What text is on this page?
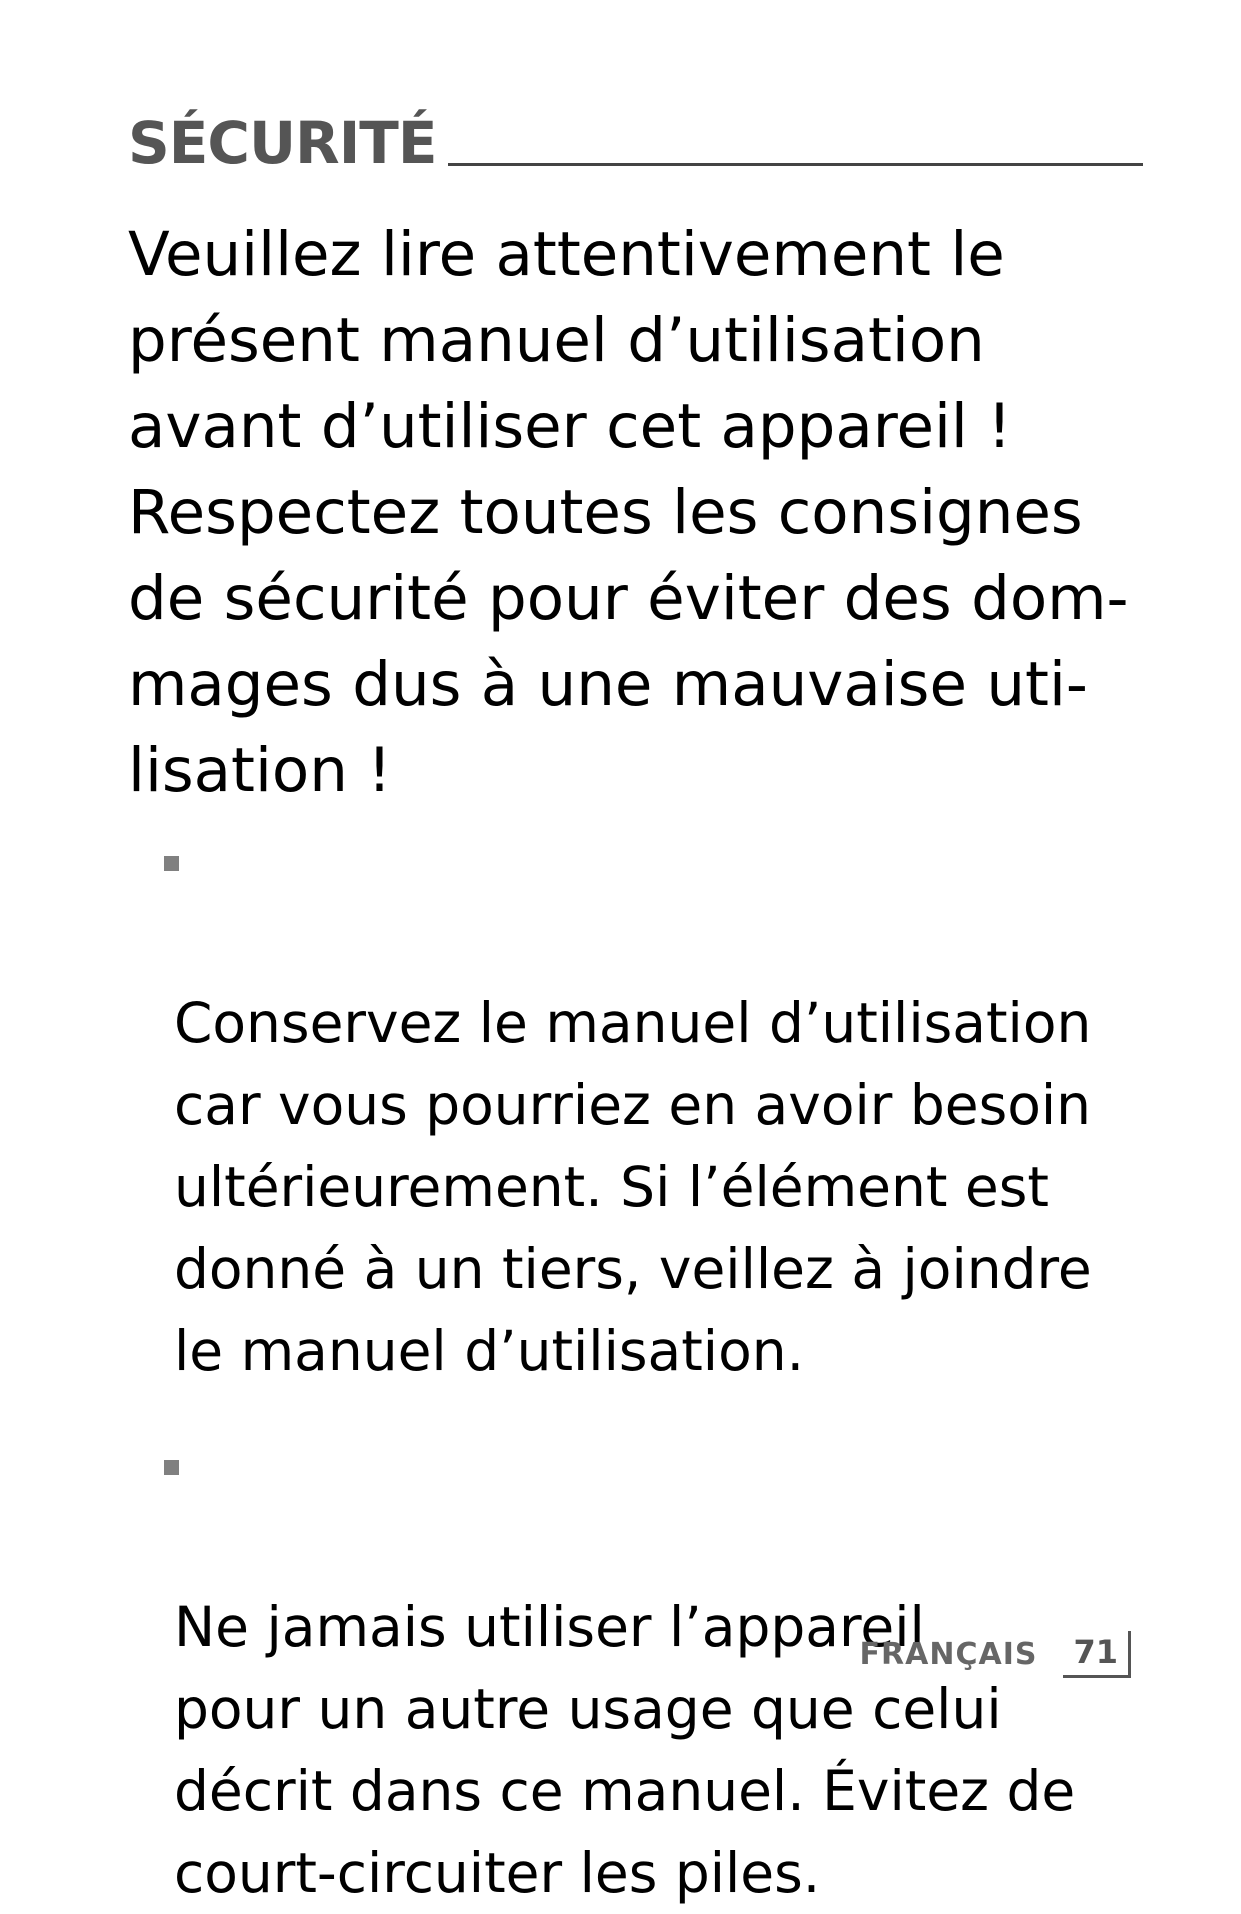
SÉCURITÉ

Veuillez lire attentivement le
présent manuel d’utilisation
avant d’utiliser cet appareil !
Respectez toutes les consignes
de sécurité pour éviter des dom-
mages dus à une mauvaise uti-
lisation !

Conservez le manuel d’utilisation
car vous pourriez en avoir besoin
ultérieurement. Si l’élément est
donné à un tiers, veillez à joindre
le manuel d’utilisation.

Ne jamais utiliser l’appareil
pour un autre usage que celui
décrit dans ce manuel. Évitez de
court-circuiter les piles.

FRANÇAIS	71
